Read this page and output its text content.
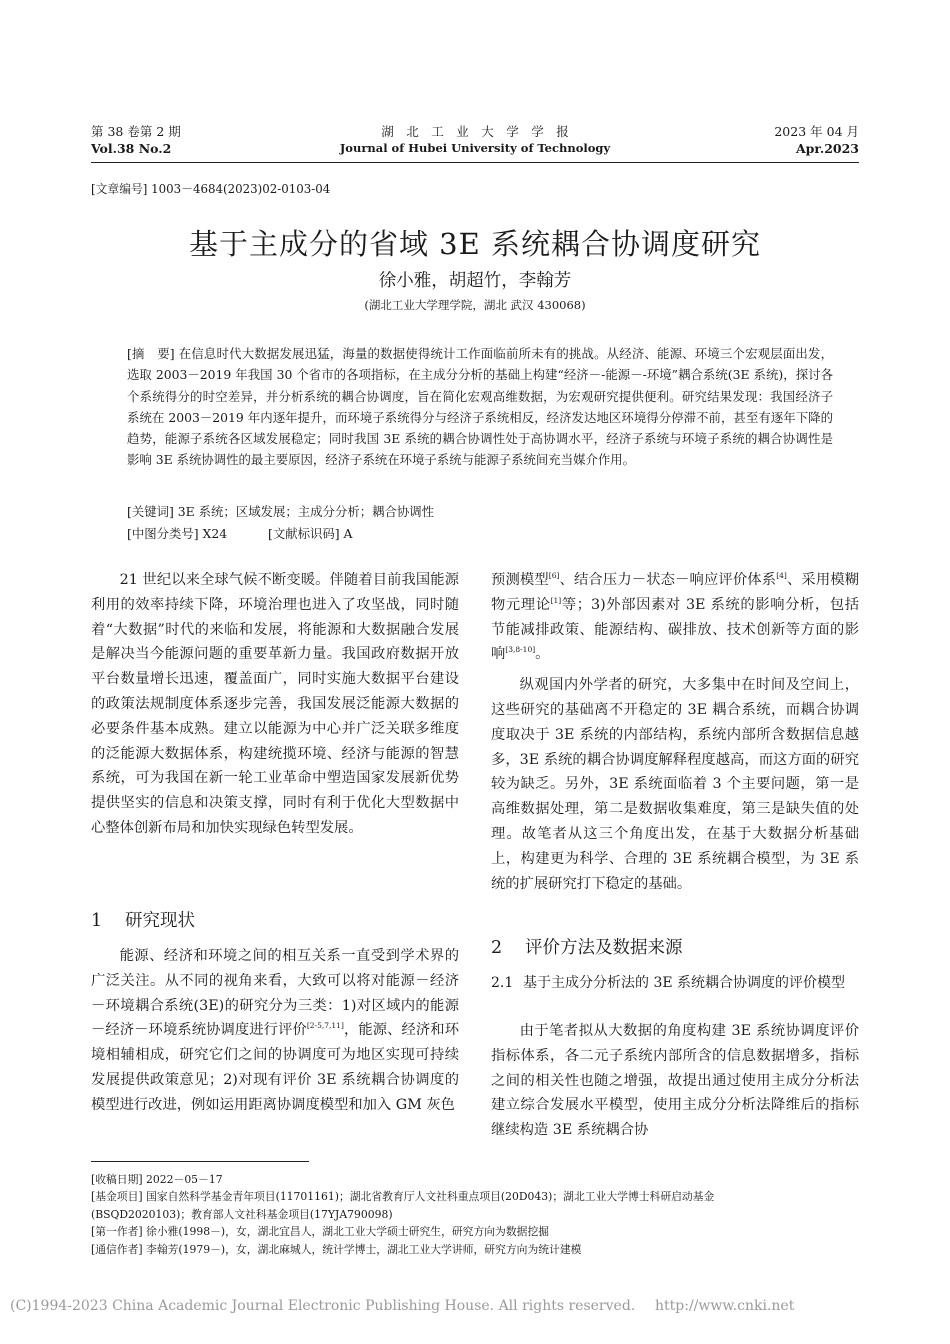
第 38 卷第 2 期
Vol.38 No.2
湖　北　工　业　大　学　学　报
Journal of Hubei University of Technology
2023 年 04 月
Apr.2023
[文章编号] 1003－4684(2023)02-0103-04
基于主成分的省域 3E 系统耦合协调度研究
徐小雅，胡超竹，李翰芳
(湖北工业大学理学院，湖北 武汉 430068)
[摘　要] 在信息时代大数据发展迅猛，海量的数据使得统计工作面临前所未有的挑战。从经济、能源、环境三个宏观层面出发，选取 2003－2019 年我国 30 个省市的各项指标，在主成分分析的基础上构建“经济－-能源－-环境”耦合系统(3E 系统)，探讨各个系统得分的时空差异，并分析系统的耦合协调度，旨在简化宏观高维数据，为宏观研究提供便利。研究结果发现：我国经济子系统在 2003－2019 年内逐年提升，而环境子系统得分与经济子系统相反，经济发达地区环境得分停滞不前，甚至有逐年下降的趋势，能源子系统各区域发展稳定；同时我国 3E 系统的耦合协调性处于高协调水平，经济子系统与环境子系统的耦合协调性是影响 3E 系统协调性的最主要原因，经济子系统在环境子系统与能源子系统间充当媒介作用。
[关键词] 3E 系统；区域发展；主成分分析；耦合协调性
[中图分类号] X24	[文献标识码] A

21 世纪以来全球气候不断变暖。伴随着目前我国能源利用的效率持续下降，环境治理也进入了攻坚战，同时随着“大数据”时代的来临和发展，将能源和大数据融合发展是解决当今能源问题的重要革新力量。我国政府数据开放平台数量增长迅速，覆盖面广，同时实施大数据平台建设的政策法规制度体系逐步完善，我国发展泛能源大数据的必要条件基本成熟。建立以能源为中心并广泛关联多维度的泛能源大数据体系，构建统揽环境、经济与能源的智慧系统，可为我国在新一轮工业革命中塑造国家发展新优势提供坚实的信息和决策支撑，同时有利于优化大型数据中心整体创新布局和加快实现绿色转型发展。

1 研究现状

能源、经济和环境之间的相互关系一直受到学术界的广泛关注。从不同的视角来看，大致可以将对能源－经济－环境耦合系统(3E)的研究分为三类：1)对区域内的能源－经济－环境系统协调度进行评价[2-5,7,11]，能源、经济和环境相辅相成，研究它们之间的协调度可为地区实现可持续发展提供政策意见；2)对现有评价 3E 系统耦合协调度的模型进行改进，例如运用距离协调度模型和加入 GM 灰色

预测模型[6]、结合压力－状态－响应评价体系[4]、采用模糊物元理论[1]等；3)外部因素对 3E 系统的影响分析，包括节能减排政策、能源结构、碳排放、技术创新等方面的影响[3,8-10]。

纵观国内外学者的研究，大多集中在时间及空间上，这些研究的基础离不开稳定的 3E 耦合系统，而耦合协调度取决于 3E 系统的内部结构，系统内部所含数据信息越多，3E 系统的耦合协调度解释程度越高，而这方面的研究较为缺乏。另外，3E 系统面临着 3 个主要问题，第一是高维数据处理，第二是数据收集难度，第三是缺失值的处理。故笔者从这三个角度出发，在基于大数据分析基础上，构建更为科学、合理的 3E 系统耦合模型，为 3E 系统的扩展研究打下稳定的基础。

2 评价方法及数据来源
2.1 基于主成分分析法的 3E 系统耦合协调度的评价模型

由于笔者拟从大数据的角度构建 3E 系统协调度评价指标体系，各二元子系统内部所含的信息数据增多，指标之间的相关性也随之增强，故提出通过使用主成分分析法建立综合发展水平模型，使用主成分分析法降维后的指标继续构造 3E 系统耦合协

[收稿日期] 2022－05－17
[基金项目] 国家自然科学基金青年项目(11701161)；湖北省教育厅人文社科重点项目(20D043)；湖北工业大学博士科研启动基金
(BSQD2020103)；教育部人文社科基金项目(17YJA790098)
[第一作者] 徐小雅(1998－)，女，湖北宜昌人，湖北工业大学硕士研究生，研究方向为数据挖掘
[通信作者] 李翰芳(1979－)，女，湖北麻城人，统计学博士，湖北工业大学讲师，研究方向为统计建模
(C)1994-2023 China Academic Journal Electronic Publishing House. All rights reserved. http://www.cnki.net
